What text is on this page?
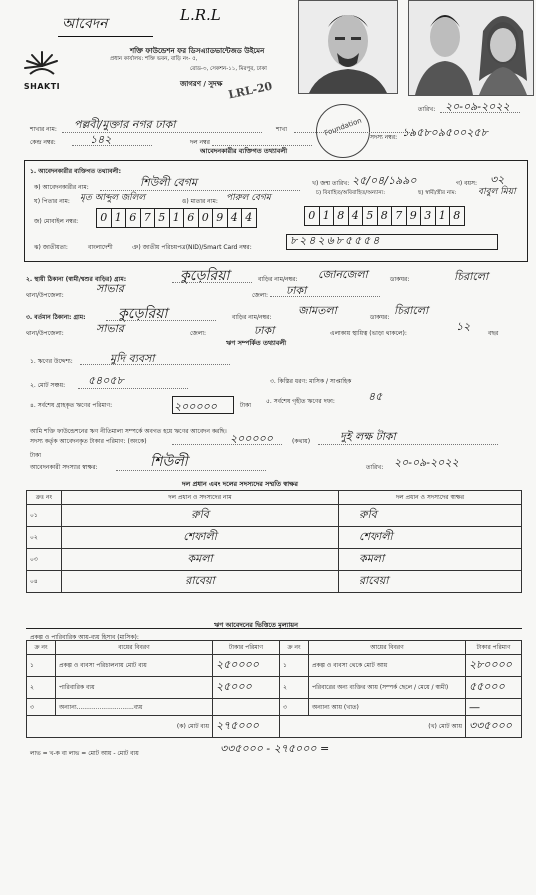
আবেদন	L.R.L
SHAKTI
শক্তি ফাউন্ডেশন ফর ডিসএ্যাডভান্টেজড উইমেন
প্রধান কার্যালয়: শক্তি ভবন, বাড়ি নং- ৫,
রোড-৩, সেকশন-১১, মিরপুর, ঢাকা
জাগরণ / সুদক্ষ LRL-20
Foundation
তারিখ: ২০-০৯-২০২২
শাখার নাম: পল্লবী/মুক্তার নগর ঢাকা	শাখা
কেন্দ্র নম্বর:	১৪২	দল নম্বর
সদস্য নম্বর: ১৯৫৮০৯৫০০২৫৮
আবেদনকারীর ব্যক্তিগত তথ্যাবলী
১. আবেদনকারীর ব্যক্তিগত তথ্যাবলী:
ক) আবেদনকারীর নাম:	শিউলী বেগম	খ) জন্ম তারিখ: ২৫/০৪/১৯৯০	গ) বয়স: ৩২
ঘ) পিতার নাম: মৃত আব্দুল জলিল	ঙ) মাতার নাম: পারুল বেগম	চ) বিবাহিত/অবিবাহিত/অন্যান্য:	ছ) স্বামী/স্ত্রীর নাম: বাবুল মিয়া
জ) মোবাইল নম্বর: 0 1 6 7 5 1 6 0 9 4 4	0 1 8 4 5 8 7 9 3 1 8
ঝ) জাতীয়তা:	বাংলাদেশী	ঞ) জাতীয় পরিচয়পত্র(NID)/Smart Card নম্বর:
৮২৪২৬৮৫৫৫৪
২. স্থায়ী ঠিকানা (স্বামী/শ্বশুর বাড়ির) গ্রাম:	কুড়েরিয়া	বাড়ির নাম/নম্বর: জোনজেলা	ডাকঘর:	চিরালো
থানা/উপজেলা:
সাভার
জেলা: ঢাকা
৩. বর্তমান ঠিকানা: গ্রাম: কুড়েরিয়া	বাড়ির নাম/নম্বর:
জামতলা
ডাকঘর:
চিরালো
থানা/উপজেলা:	সাভার	জেলা:	ঢাকা	এলাকায় স্থায়িত্ব (ভাড়া থাকলে):
১২
বছর
ঋণ সম্পর্কিত তথ্যাবলী
১. ঋণের উদ্দেশ্য:	মুদি ব্যবসা
২. মোট সঞ্চয়: ৫৪০৫৮	৩. কিস্তির ধরণ: মাসিক / সাপ্তাহিক
৪. সর্বশেষ গ্রাহকৃত ঋণের পরিমাণ:	২০০০০০	টাকা
৫. সর্বশেষ গৃহীত ঋণের দফা:	৪৫
আমি শক্তি ফাউন্ডেশনের ঋণ নীতিমালা সম্পর্কে অবগত হয়ে ঋণের আবেদন করছি।
সদস্য কর্তৃক আবেদনকৃত টাকার পরিমাণ: (অংকে)	২০০০০০	(কথায়)	দুই লক্ষ টাকা
টাকা
আবেদনকারী সদস্যার স্বাক্ষর:	শিউলী	তারিখ: ২০-০৯-২০২২
দল প্রধান এবং দলের সদস্যদের সম্মতি স্বাক্ষর
ক্রঃ নং	দল প্রধান ও সদস্যদের নাম	দল প্রধান ও সদস্যদের স্বাক্ষর
০১	রুবি	রুবি
০২	শেফালী	শেফালী
০৩	কমলা	কমলা
০৪	রাবেয়া	রাবেয়া
ঋণ আবেদনের ভিত্তিতে মূল্যায়ন
প্রকল্প ও পারিবারিক আয়-ব্যয় হিসাব (মাসিক):
ক্র নং	ব্যয়ের বিবরণ	টাকার পরিমাণ	ক্র নং	আয়ের বিবরণ	টাকার পরিমাণ
১	প্রকল্প ও ব্যবসা পরিচালনায় মোট ব্যয়	২৫০০০০	১	প্রকল্প ও ব্যবসা থেকে মোট আয়	২৮০০০০
২	পারিবারিক ব্যয়	২৫০০০	২	পরিবারের অন্য ব্যক্তির আয় (সম্পর্ক ছেলে / মেয়ে / স্বামী)	৫৫০০০
৩	অন্যান্য..............................ব্যয়		৩	অন্যান্য আয় (খাত)	—
(ক) মোট ব্যয়		২৭৫০০০	(খ) মোট আয়		৩৩৫০০০
লাভ = খ-ক বা লাভ = মোট আয় - মোট ব্যয়	৩৩৫০০০ - ২৭৫০০০ =
